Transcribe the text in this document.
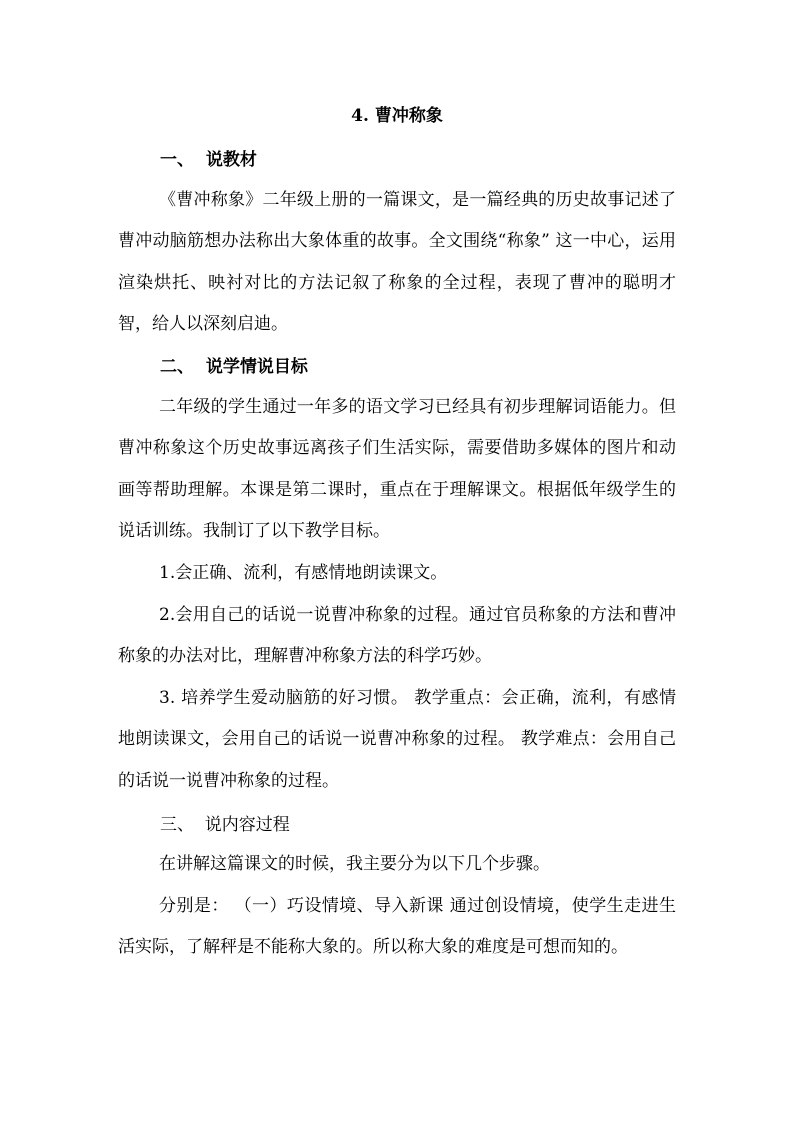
4. 曹冲称象
一、  说教材
《曹冲称象》二年级上册的一篇课文，是一篇经典的历史故事记述了曹冲动脑筋想办法称出大象体重的故事。全文围绕“称象” 这一中心，运用渲染烘托、映衬对比的方法记叙了称象的全过程，表现了曹冲的聪明才智，给人以深刻启迪。
二、  说学情说目标
二年级的学生通过一年多的语文学习已经具有初步理解词语能力。但曹冲称象这个历史故事远离孩子们生活实际，需要借助多媒体的图片和动画等帮助理解。本课是第二课时，重点在于理解课文。根据低年级学生的说话训练。我制订了以下教学目标。
1.会正确、流利，有感情地朗读课文。
2.会用自己的话说一说曹冲称象的过程。通过官员称象的方法和曹冲称象的办法对比，理解曹冲称象方法的科学巧妙。
3. 培养学生爱动脑筋的好习惯。 教学重点：会正确，流利，有感情地朗读课文，会用自己的话说一说曹冲称象的过程。 教学难点：会用自己的话说一说曹冲称象的过程。
三、  说内容过程
在讲解这篇课文的时候，我主要分为以下几个步骤。
分别是： （一）巧设情境、导入新课 通过创设情境，使学生走进生活实际，了解秤是不能称大象的。所以称大象的难度是可想而知的。
